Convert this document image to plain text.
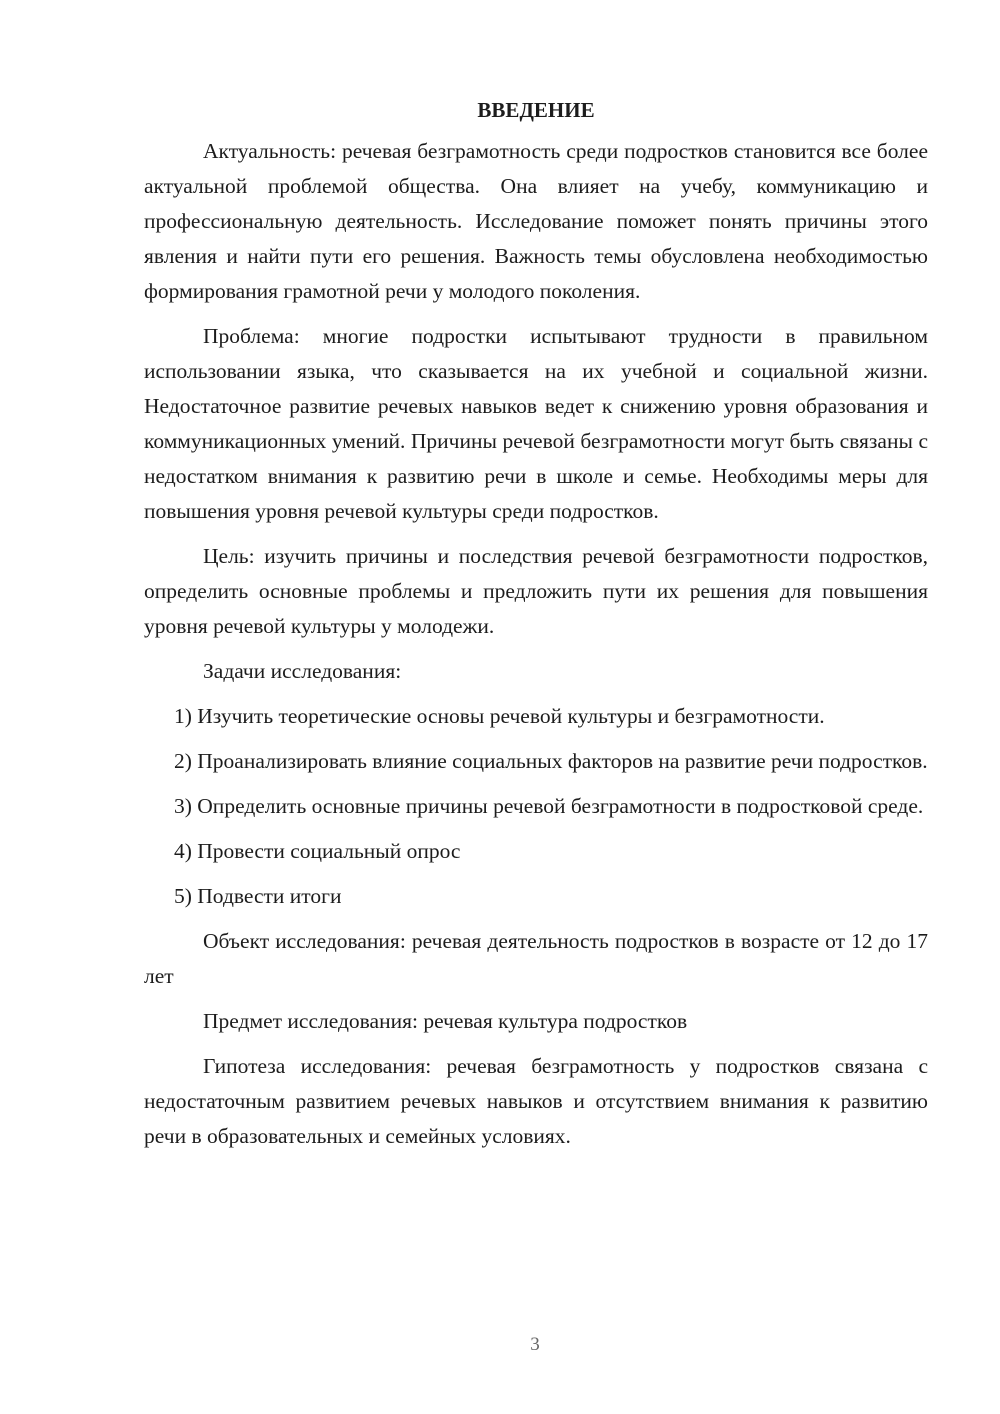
ВВЕДЕНИЕ

Актуальность: речевая безграмотность среди подростков становится все более актуальной проблемой общества. Она влияет на учебу, коммуникацию и профессиональную деятельность. Исследование поможет понять причины этого явления и найти пути его решения. Важность темы обусловлена необходимостью формирования грамотной речи у молодого поколения.

Проблема: многие подростки испытывают трудности в правильном использовании языка, что сказывается на их учебной и социальной жизни. Недостаточное развитие речевых навыков ведет к снижению уровня образования и коммуникационных умений. Причины речевой безграмотности могут быть связаны с недостатком внимания к развитию речи в школе и семье. Необходимы меры для повышения уровня речевой культуры среди подростков.

Цель: изучить причины и последствия речевой безграмотности подростков, определить основные проблемы и предложить пути их решения для повышения уровня речевой культуры у молодежи.

Задачи исследования:

1) Изучить теоретические основы речевой культуры и безграмотности.

2) Проанализировать влияние социальных факторов на развитие речи подростков.

3) Определить основные причины речевой безграмотности в подростковой среде.

4) Провести социальный опрос

5) Подвести итоги

Объект исследования: речевая деятельность подростков в возрасте от 12 до 17 лет

Предмет исследования: речевая культура подростков

Гипотеза исследования: речевая безграмотность у подростков связана с недостаточным развитием речевых навыков и отсутствием внимания к развитию речи в образовательных и семейных условиях.

3
